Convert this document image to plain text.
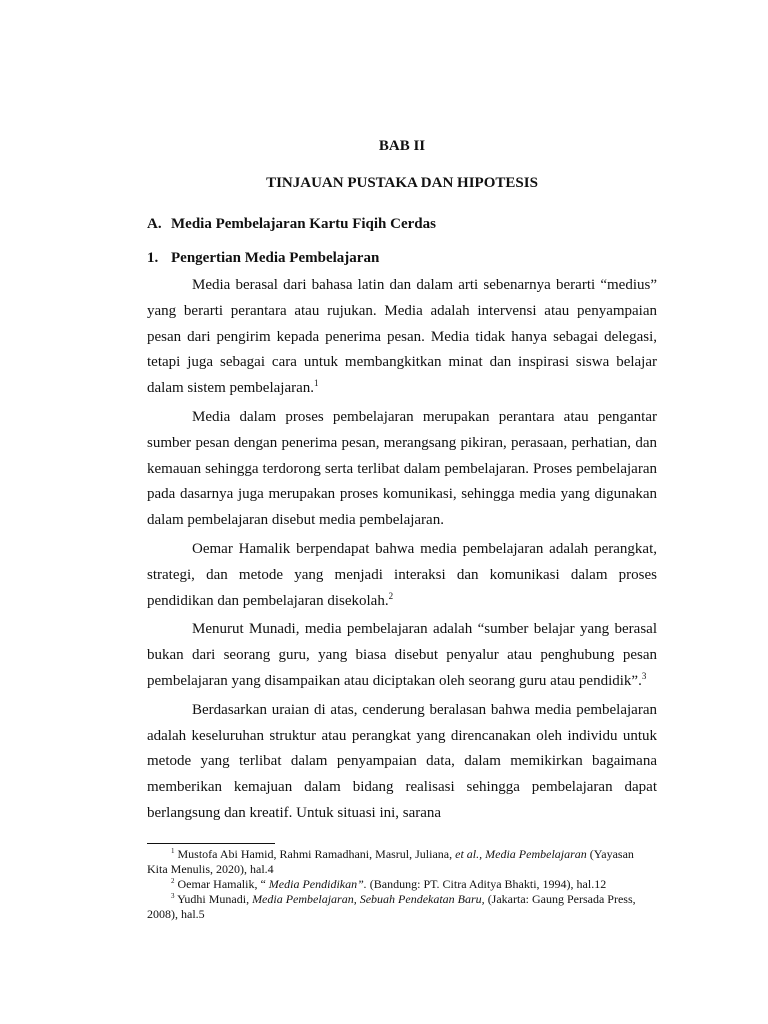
BAB II
TINJAUAN PUSTAKA DAN HIPOTESIS
A. Media Pembelajaran Kartu Fiqih Cerdas
1. Pengertian Media Pembelajaran

Media berasal dari bahasa latin dan dalam arti sebenarnya berarti “medius” yang berarti perantara atau rujukan. Media adalah intervensi atau penyampaian pesan dari pengirim kepada penerima pesan. Media tidak hanya sebagai delegasi, tetapi juga sebagai cara untuk membangkitkan minat dan inspirasi siswa belajar dalam sistem pembelajaran.$^1$

Media dalam proses pembelajaran merupakan perantara atau pengantar sumber pesan dengan penerima pesan, merangsang pikiran, perasaan, perhatian, dan kemauan sehingga terdorong serta terlibat dalam pembelajaran. Proses pembelajaran pada dasarnya juga merupakan proses komunikasi, sehingga media yang digunakan dalam pembelajaran disebut media pembelajaran.

Oemar Hamalik berpendapat bahwa media pembelajaran adalah perangkat, strategi, dan metode yang menjadi interaksi dan komunikasi dalam proses pendidikan dan pembelajaran disekolah.$^2$

Menurut Munadi, media pembelajaran adalah “sumber belajar yang berasal bukan dari seorang guru, yang biasa disebut penyalur atau penghubung pesan pembelajaran yang disampaikan atau diciptakan oleh seorang guru atau pendidik”.$^3$

Berdasarkan uraian di atas, cenderung beralasan bahwa media pembelajaran adalah keseluruhan struktur atau perangkat yang direncanakan oleh individu untuk metode yang terlibat dalam penyampaian data, dalam memikirkan bagaimana memberikan kemajuan dalam bidang realisasi sehingga pembelajaran dapat berlangsung dan kreatif. Untuk situasi ini, sarana

$^1$ Mustofa Abi Hamid, Rahmi Ramadhani, Masrul, Juliana, et al., Media Pembelajaran (Yayasan Kita Menulis, 2020), hal.4

$^2$ Oemar Hamalik, “ Media Pendidikan”. (Bandung: PT. Citra Aditya Bhakti, 1994), hal.12

$^3$ Yudhi Munadi, Media Pembelajaran, Sebuah Pendekatan Baru, (Jakarta: Gaung Persada Press, 2008), hal.5
